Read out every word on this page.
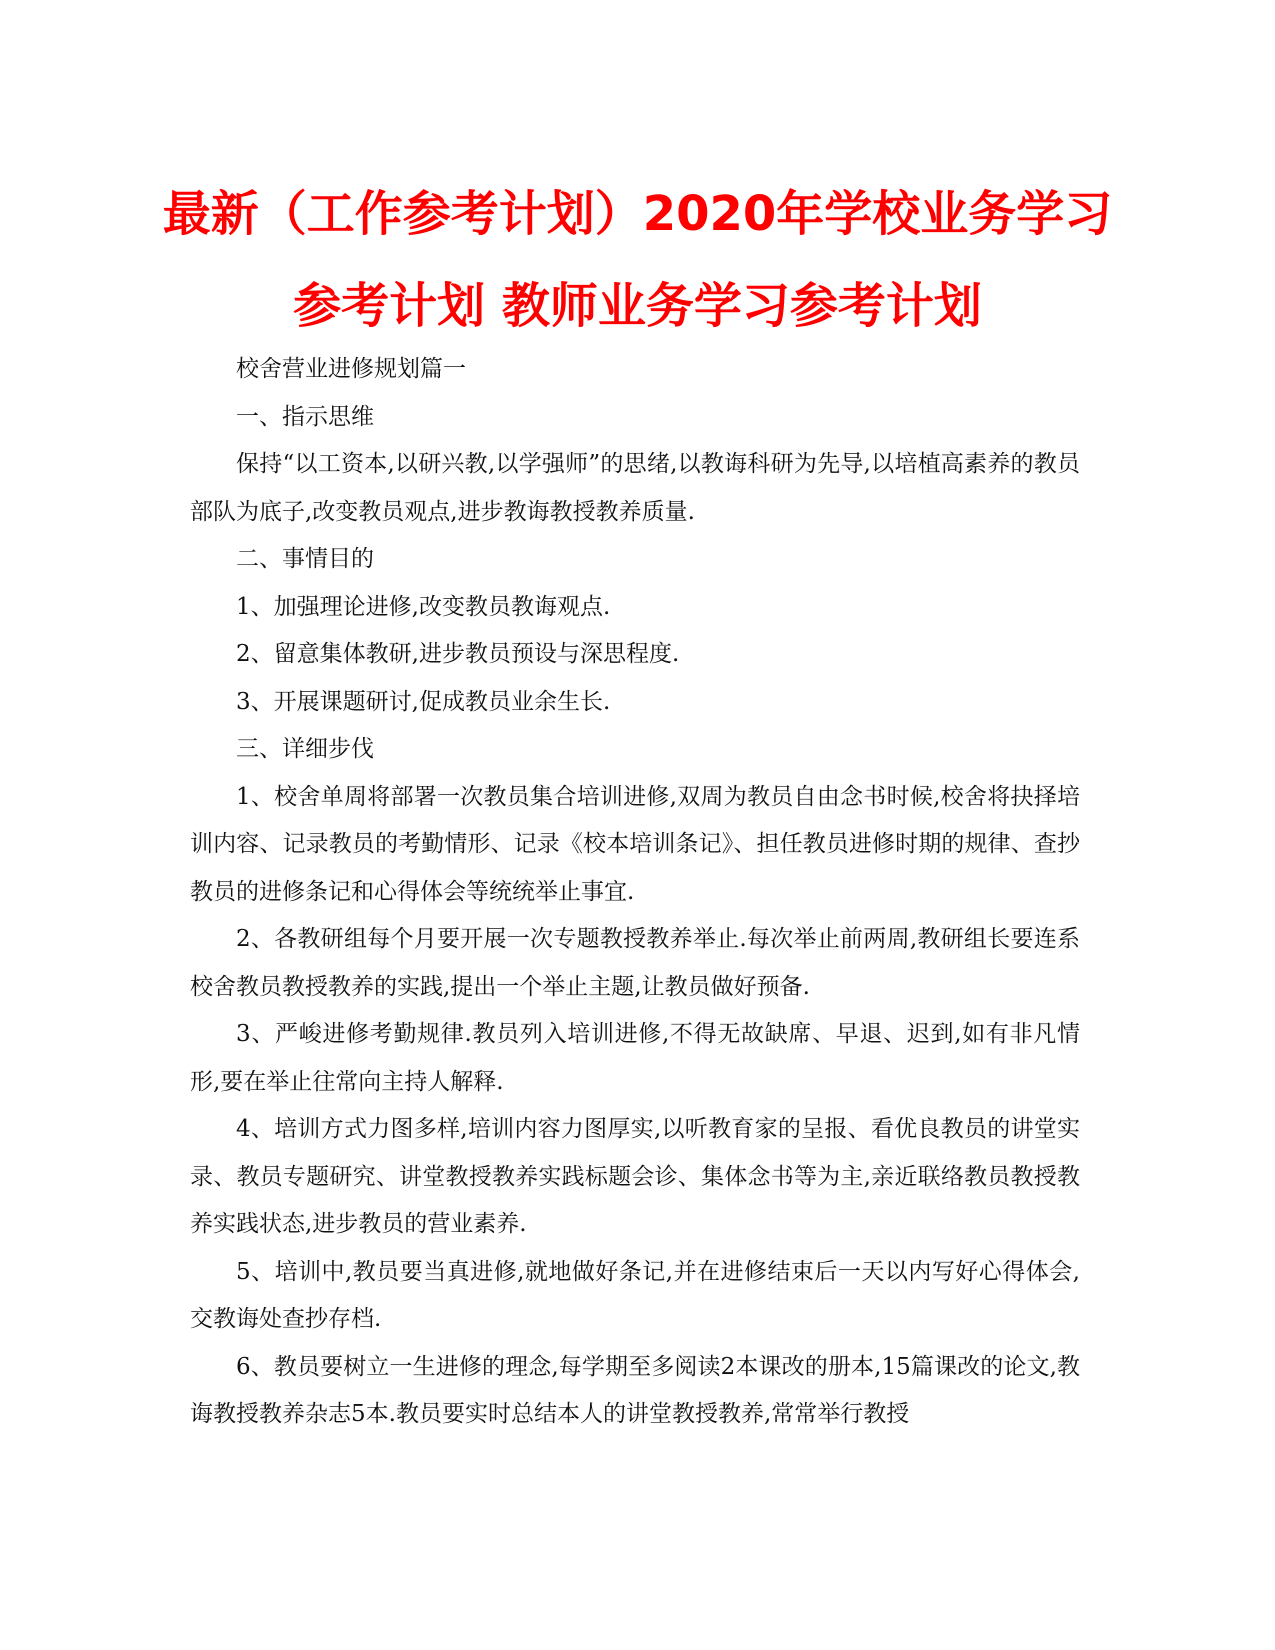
最新（工作参考计划）2020年学校业务学习参考计划 教师业务学习参考计划

校舍营业进修规划篇一

一、指示思维

保持“以工资本,以研兴教,以学强师”的思绪,以教诲科研为先导,以培植高素养的教员部队为底子,改变教员观点,进步教诲教授教养质量.

二、事情目的

1、加强理论进修,改变教员教诲观点.

2、留意集体教研,进步教员预设与深思程度.

3、开展课题研讨,促成教员业余生长.

三、详细步伐

1、校舍单周将部署一次教员集合培训进修,双周为教员自由念书时候,校舍将抉择培训内容、记录教员的考勤情形、记录《校本培训条记》、担任教员进修时期的规律、查抄教员的进修条记和心得体会等统统举止事宜.

2、各教研组每个月要开展一次专题教授教养举止.每次举止前两周,教研组长要连系校舍教员教授教养的实践,提出一个举止主题,让教员做好预备.

3、严峻进修考勤规律.教员列入培训进修,不得无故缺席、早退、迟到,如有非凡情形,要在举止往常向主持人解释.

4、培训方式力图多样,培训内容力图厚实,以听教育家的呈报、看优良教员的讲堂实录、教员专题研究、讲堂教授教养实践标题会诊、集体念书等为主,亲近联络教员教授教养实践状态,进步教员的营业素养.

5、培训中,教员要当真进修,就地做好条记,并在进修结束后一天以内写好心得体会,交教诲处查抄存档.

6、教员要树立一生进修的理念,每学期至多阅读2本课改的册本,15篇课改的论文,教诲教授教养杂志5本.教员要实时总结本人的讲堂教授教养,常常举行教授
